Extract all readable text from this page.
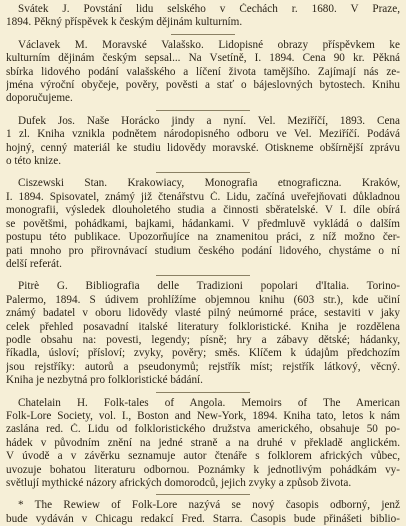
Svátek J. Povstání lidu selského v Čechách r. 1680. V Praze,
1894. Pěkný příspěvek k českým dějinám kulturním.

Václavek M. Moravské Valašsko. Lidopisné obrazy příspěvkem ke
kulturním dějinám českým sepsal... Na Vsetíně, I. 1894. Cena 90 kr. Pěkná
sbírka lidového podání valašského a líčení života tamějšího. Zajímají nás ze-
jména výroční obyčeje, pověry, pověsti a stať o bájeslovných bytostech. Knihu
doporučujeme.

Dufek Jos. Naše Horácko jindy a nyní. Vel. Meziříčí, 1893. Cena
1 zl. Kniha vznikla podnětem národopisného odboru ve Vel. Meziříčí. Podává
hojný, cenný materiál ke studiu lidovědy moravské. Otiskneme obšírnější zprávu
o této knize.

Ciszewski Stan. Krakowiacy, Monografia etnograficzna. Kraków,
I. 1894. Spisovatel, známý již čtenářstvu Č. Lidu, začíná uveřejňovati důkladnou
monografii, výsledek dlouholetého studia a činnosti sběratelské. V I. díle obírá
se povětšmi, pohádkami, bajkami, hádankami. V předmluvě vykládá o dalším
postupu této publikace. Upozorňujíce na znamenitou práci, z níž možno čer-
pati mnoho pro přirovnávací studium českého podání lidového, chystáme o ní
delší referát.

Pitrè G. Bibliografia delle Tradizioni popolari d'Italia. Torino-
Palermo, 1894. S údivem prohlížíme objemnou knihu (603 str.), kde učiní
známý badatel v oboru lidovědy vlasté pilný neúmorné práce, sestaviti v jaky
celek přehled posavadní italské literatury folkloristické. Kniha je rozdělena
podle obsahu na: povesti, legendy; písně; hry a zábavy dětské; hádanky,
říkadla, úsloví; přísloví; zvyky, pověry; směs. Klíčem k údajům předchozím
jsou rejstříky: autorů a pseudonymů; rejstřík míst; rejstřík látkový, věcný.
Kniha je nezbytná pro folkloristické bádání.

Chatelain H. Folk-tales of Angola. Memoirs of The American
Folk-Lore Society, vol. I., Boston and New-York, 1894. Kniha tato, letos k nám
zaslána red. Č. Lidu od folkloristického družstva amerického, obsahuje 50 po-
hádek v původním znění na jedné straně a na druhé v překladě anglickém.
V úvodě a v závěrku seznamuje autor čtenáře s folklorem afrických vůbec,
uvozuje bohatou literaturu odbornou. Poznámky k jednotlivým pohádkám vy-
světlují mythické názory afrických domorodců, jejich zvyky a způsob života.

* The Rewiew of Folk-Lore nazývá se nový časopis odborný, jenž
bude vydáván v Chicagu redakcí Fred. Starra. Časopis bude přinášeti biblio-
